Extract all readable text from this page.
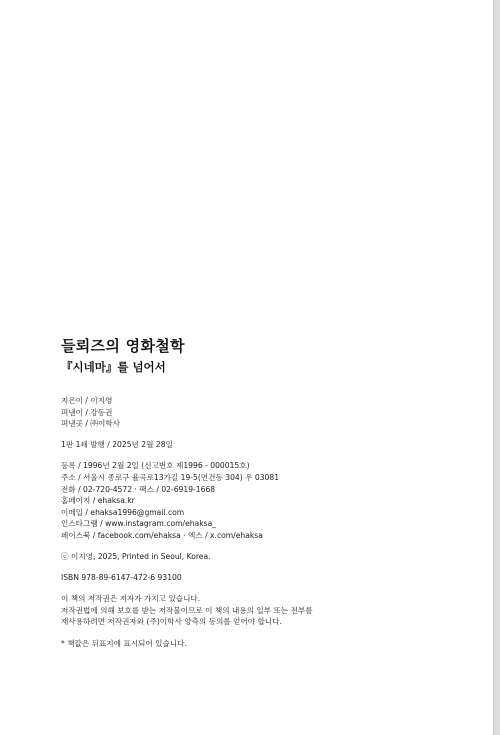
들뢰즈의 영화철학
『시네마』를 넘어서
지은이 / 이지영
펴낸이 / 강동권
펴낸곳 / ㈜이학사
1판 1쇄 발행 / 2025년 2월 28일
등록 / 1996년 2월 2일 (신고번호 제1996 - 000015호)
주소 / 서울시 종로구 율곡로13가길 19-5(연건동 304) 우 03081
전화 / 02-720-4572 · 팩스 / 02-6919-1668
홈페이지 / ehaksa.kr
이메일 / ehaksa1996@gmail.com
인스타그램 / www.instagram.com/ehaksa_
페이스북 / facebook.com/ehaksa · 엑스 / x.com/ehaksa
ⓒ 이지영, 2025, Printed in Seoul, Korea.
ISBN 978-89-6147-472-6 93100
이 책의 저작권은 저자가 가지고 있습니다.
저작권법에 의해 보호를 받는 저작물이므로 이 책의 내용의 일부 또는 전부를
재사용하려면 저작권자와 (주)이학사 양측의 동의를 얻어야 합니다.
* 책값은 뒤표지에 표시되어 있습니다.
